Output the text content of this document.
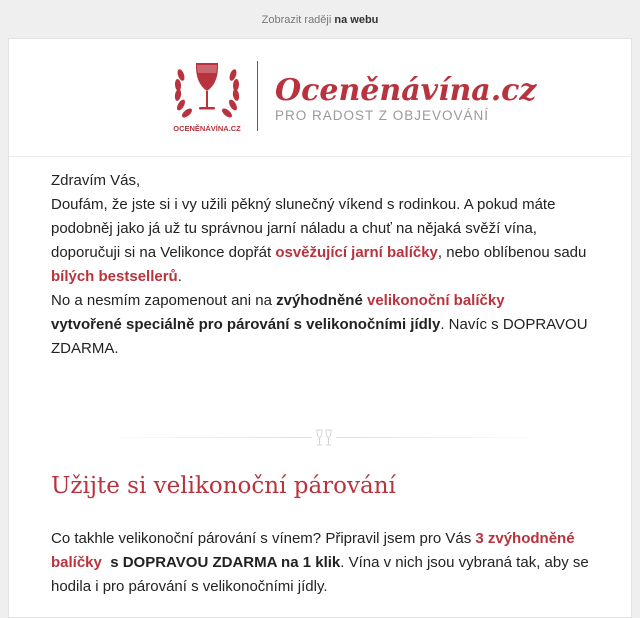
Zobrazit raději na webu
OCENĚNÁVÍNA.CZ
Oceněnávína.cz
PRO RADOST Z OBJEVOVÁNÍ

Zdravím Vás,
Doufám, že jste si i vy užili pěkný slunečný víkend s rodinkou. A pokud máte podobněj jako já už tu správnou jarní náladu a chuť na nějaká svěží vína, doporučuji si na Velikonce dopřát osvěžující jarní balíčky, nebo oblíbenou sadu bílých bestsellerů.

No a nesmím zapomenout ani na zvýhodněné velikonoční balíčky
vytvořené speciálně pro párování s velikonočními jídly. Navíc s DOPRAVOU ZDARMA.

Užijte si velikonoční párování

Co takhle velikonoční párování s vínem? Připravil jsem pro Vás 3 zvýhodněné balíčky  s DOPRAVOU ZDARMA na 1 klik. Vína v nich jsou vybraná tak, aby se hodila i pro párování s velikonočními jídly.
